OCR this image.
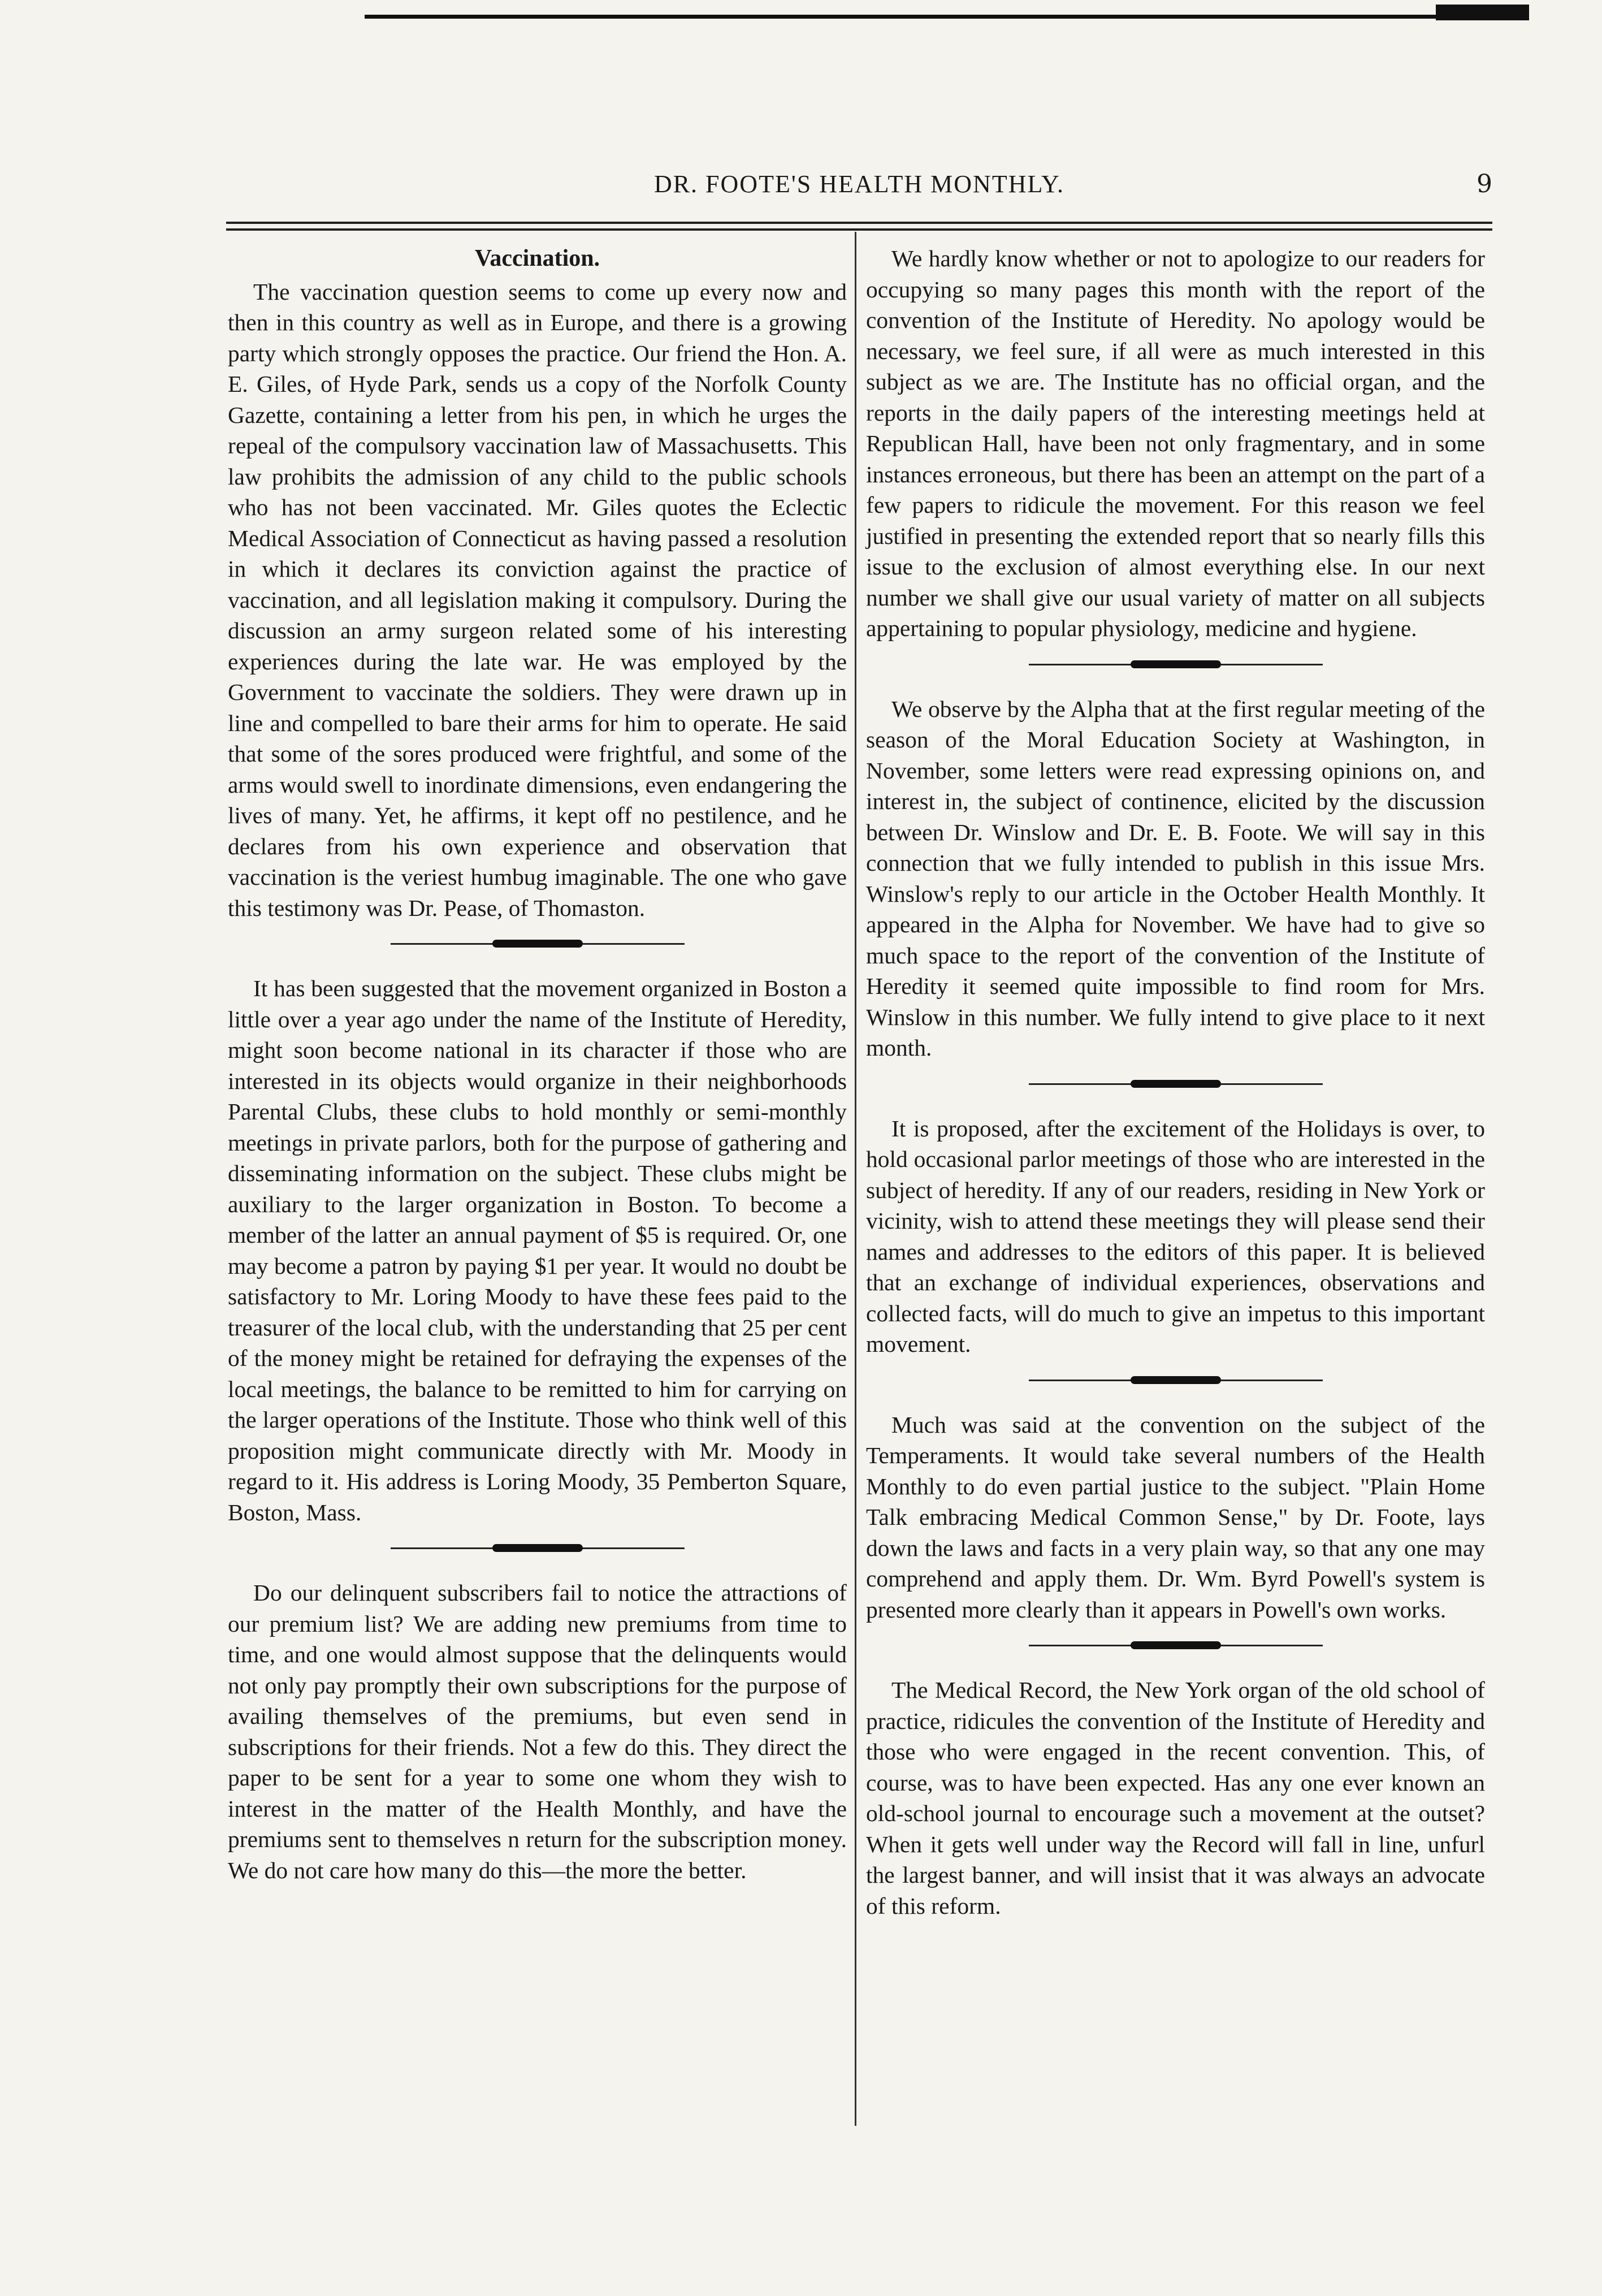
DR. FOOTE'S HEALTH MONTHLY.	9

Vaccination.

The vaccination question seems to come up every now and then in this country as well as in Europe, and there is a growing party which strongly opposes the practice. Our friend the Hon. A. E. Giles, of Hyde Park, sends us a copy of the Norfolk County Gazette, containing a letter from his pen, in which he urges the repeal of the compulsory vaccination law of Massachusetts. This law prohibits the admission of any child to the public schools who has not been vaccinated. Mr. Giles quotes the Eclectic Medical Association of Connecticut as having passed a resolution in which it declares its conviction against the practice of vaccination, and all legislation making it compulsory. During the discussion an army surgeon related some of his interesting experiences during the late war. He was employed by the Government to vaccinate the soldiers. They were drawn up in line and compelled to bare their arms for him to operate. He said that some of the sores produced were frightful, and some of the arms would swell to inordinate dimensions, even endangering the lives of many. Yet, he affirms, it kept off no pestilence, and he declares from his own experience and observation that vaccination is the veriest humbug imaginable. The one who gave this testimony was Dr. Pease, of Thomaston.

It has been suggested that the movement organized in Boston a little over a year ago under the name of the Institute of Heredity, might soon become national in its character if those who are interested in its objects would organize in their neighborhoods Parental Clubs, these clubs to hold monthly or semi-monthly meetings in private parlors, both for the purpose of gathering and disseminating information on the subject. These clubs might be auxiliary to the larger organization in Boston. To become a member of the latter an annual payment of $5 is required. Or, one may become a patron by paying $1 per year. It would no doubt be satisfactory to Mr. Loring Moody to have these fees paid to the treasurer of the local club, with the understanding that 25 per cent of the money might be retained for defraying the expenses of the local meetings, the balance to be remitted to him for carrying on the larger operations of the Institute. Those who think well of this proposition might communicate directly with Mr. Moody in regard to it. His address is Loring Moody, 35 Pemberton Square, Boston, Mass.

Do our delinquent subscribers fail to notice the attractions of our premium list? We are adding new premiums from time to time, and one would almost suppose that the delinquents would not only pay promptly their own subscriptions for the purpose of availing themselves of the premiums, but even send in subscriptions for their friends. Not a few do this. They direct the paper to be sent for a year to some one whom they wish to interest in the matter of the Health Monthly, and have the premiums sent to themselves n return for the subscription money. We do not care how many do this—the more the better.

We hardly know whether or not to apologize to our readers for occupying so many pages this month with the report of the convention of the Institute of Heredity. No apology would be necessary, we feel sure, if all were as much interested in this subject as we are. The Institute has no official organ, and the reports in the daily papers of the interesting meetings held at Republican Hall, have been not only fragmentary, and in some instances erroneous, but there has been an attempt on the part of a few papers to ridicule the movement. For this reason we feel justified in presenting the extended report that so nearly fills this issue to the exclusion of almost everything else. In our next number we shall give our usual variety of matter on all subjects appertaining to popular physiology, medicine and hygiene.

We observe by the Alpha that at the first regular meeting of the season of the Moral Education Society at Washington, in November, some letters were read expressing opinions on, and interest in, the subject of continence, elicited by the discussion between Dr. Winslow and Dr. E. B. Foote. We will say in this connection that we fully intended to publish in this issue Mrs. Winslow's reply to our article in the October Health Monthly. It appeared in the Alpha for November. We have had to give so much space to the report of the convention of the Institute of Heredity it seemed quite impossible to find room for Mrs. Winslow in this number. We fully intend to give place to it next month.

It is proposed, after the excitement of the Holidays is over, to hold occasional parlor meetings of those who are interested in the subject of heredity. If any of our readers, residing in New York or vicinity, wish to attend these meetings they will please send their names and addresses to the editors of this paper. It is believed that an exchange of individual experiences, observations and collected facts, will do much to give an impetus to this important movement.

Much was said at the convention on the subject of the Temperaments. It would take several numbers of the Health Monthly to do even partial justice to the subject. "Plain Home Talk embracing Medical Common Sense," by Dr. Foote, lays down the laws and facts in a very plain way, so that any one may comprehend and apply them. Dr. Wm. Byrd Powell's system is presented more clearly than it appears in Powell's own works.

The Medical Record, the New York organ of the old school of practice, ridicules the convention of the Institute of Heredity and those who were engaged in the recent convention. This, of course, was to have been expected. Has any one ever known an old-school journal to encourage such a movement at the outset? When it gets well under way the Record will fall in line, unfurl the largest banner, and will insist that it was always an advocate of this reform.
